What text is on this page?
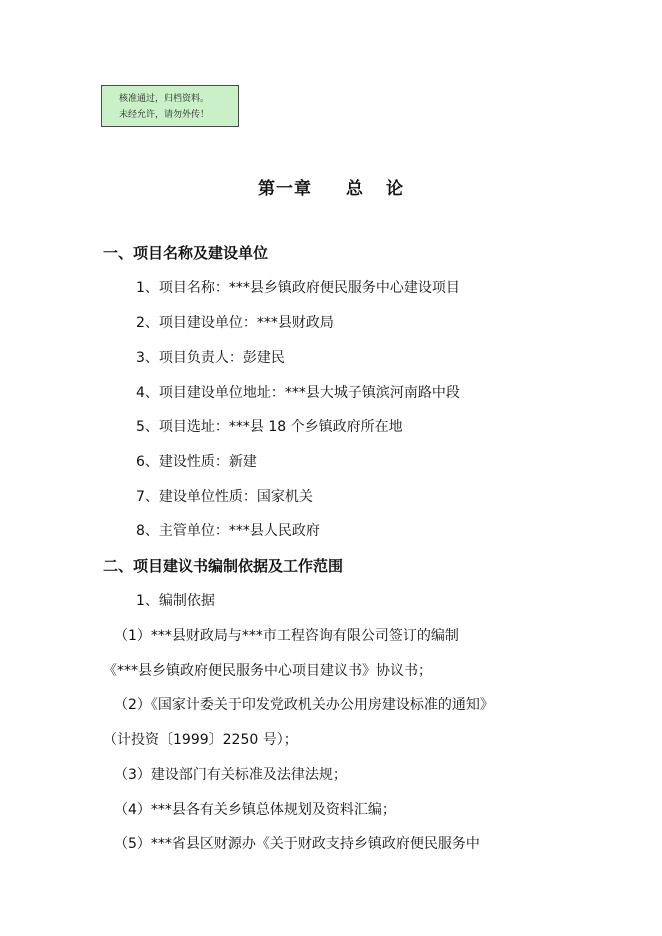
核准通过，归档资料。
未经允许，请勿外传！
第一章 总 论
一、项目名称及建设单位
1、项目名称：***县乡镇政府便民服务中心建设项目
2、项目建设单位：***县财政局
3、项目负责人：彭建民
4、项目建设单位地址：***县大城子镇滨河南路中段
5、项目选址：***县 18 个乡镇政府所在地
6、建设性质：新建
7、建设单位性质：国家机关
8、主管单位：***县人民政府
二、项目建议书编制依据及工作范围
1、编制依据
（1）***县财政局与***市工程咨询有限公司签订的编制
《***县乡镇政府便民服务中心项目建议书》协议书；
（2）《国家计委关于印发党政机关办公用房建设标准的通知》
（计投资〔1999〕2250 号）；
（3）建设部门有关标准及法律法规；
（4）***县各有关乡镇总体规划及资料汇编；
（5）***省县区财源办《关于财政支持乡镇政府便民服务中
